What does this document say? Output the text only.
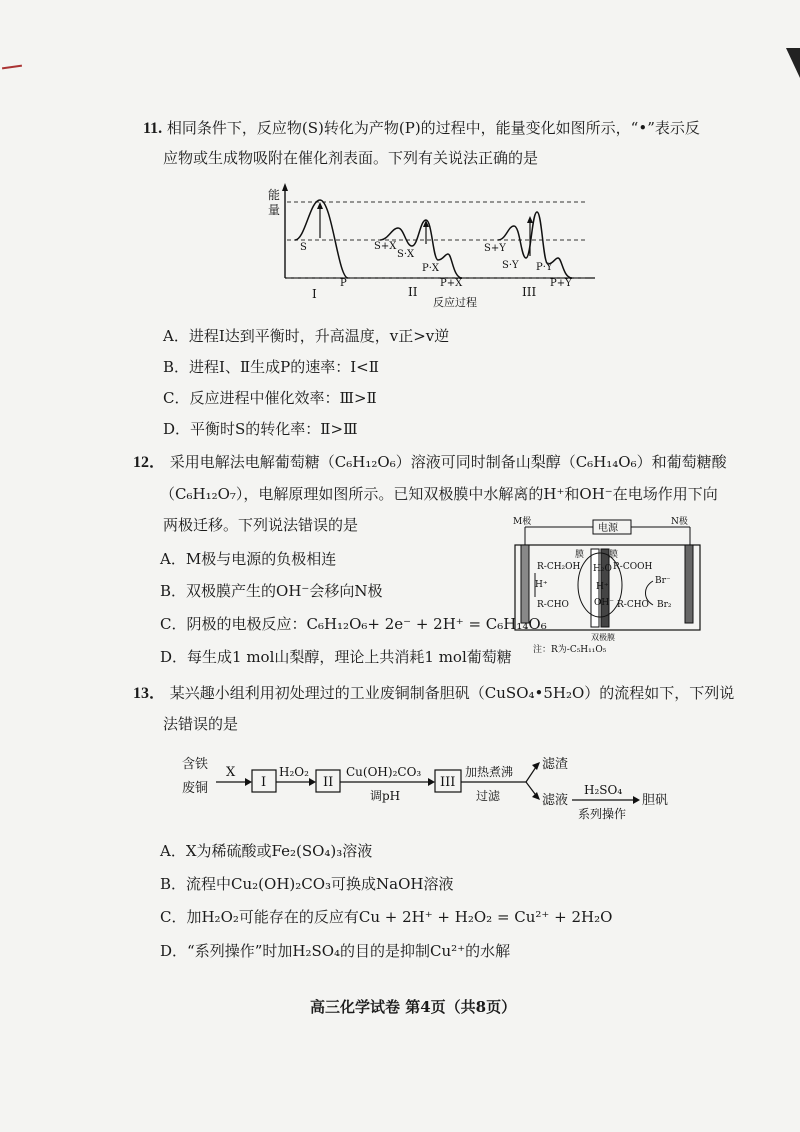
11. 相同条件下，反应物(S)转化为产物(P)的过程中，能量变化如图所示，“•”表示反
应物或生成物吸附在催化剂表面。下列有关说法正确的是
能
量
S
P
S+X
S·X
P·X
P+X
S+Y
S·Y P·Y
P+Y
I	II	III
反应过程
A．进程Ⅰ达到平衡时，升高温度，v正>v逆
B．进程Ⅰ、Ⅱ生成P的速率：Ⅰ<Ⅱ
C．反应进程中催化效率：Ⅲ>Ⅱ
D．平衡时S的转化率：Ⅱ>Ⅲ
12． 采用电解法电解葡萄糖（C₆H₁₂O₆）溶液可同时制备山梨醇（C₆H₁₄O₆）和葡萄糖酸
（C₆H₁₂O₇），电解原理如图所示。已知双极膜中水解离的H⁺和OH⁻在电场作用下向
两极迁移。下列说法错误的是	M极	N极
电源
膜	膜
R-CH₂OH
H⁺
R-CHO
H₂O
H⁺
OH⁻
R-COOH
Br⁻
Br₂
R-CHO
双极膜
注：R为-C₅H₁₁O₅
A．M极与电源的负极相连
B．双极膜产生的OH⁻会移向N极
C．阴极的电极反应：C₆H₁₂O₆+ 2e⁻ + 2H⁺ = C₆H₁₄O₆
D．每生成1 mol山梨醇，理论上共消耗1 mol葡萄糖
13． 某兴趣小组利用初处理过的工业废铜制备胆矾（CuSO₄•5H₂O）的流程如下，下列说
法错误的是
含铁
废铜
X
I
H₂O₂
II
Cu(OH)₂CO₃
调pH
III
加热煮沸
过滤
滤渣
滤液
H₂SO₄
系列操作
胆矾
A．X为稀硫酸或Fe₂(SO₄)₃溶液
B．流程中Cu₂(OH)₂CO₃可换成NaOH溶液
C．加H₂O₂可能存在的反应有Cu + 2H⁺ + H₂O₂ = Cu²⁺ + 2H₂O
D．“系列操作”时加H₂SO₄的目的是抑制Cu²⁺的水解
高三化学试卷 第4页（共8页）
